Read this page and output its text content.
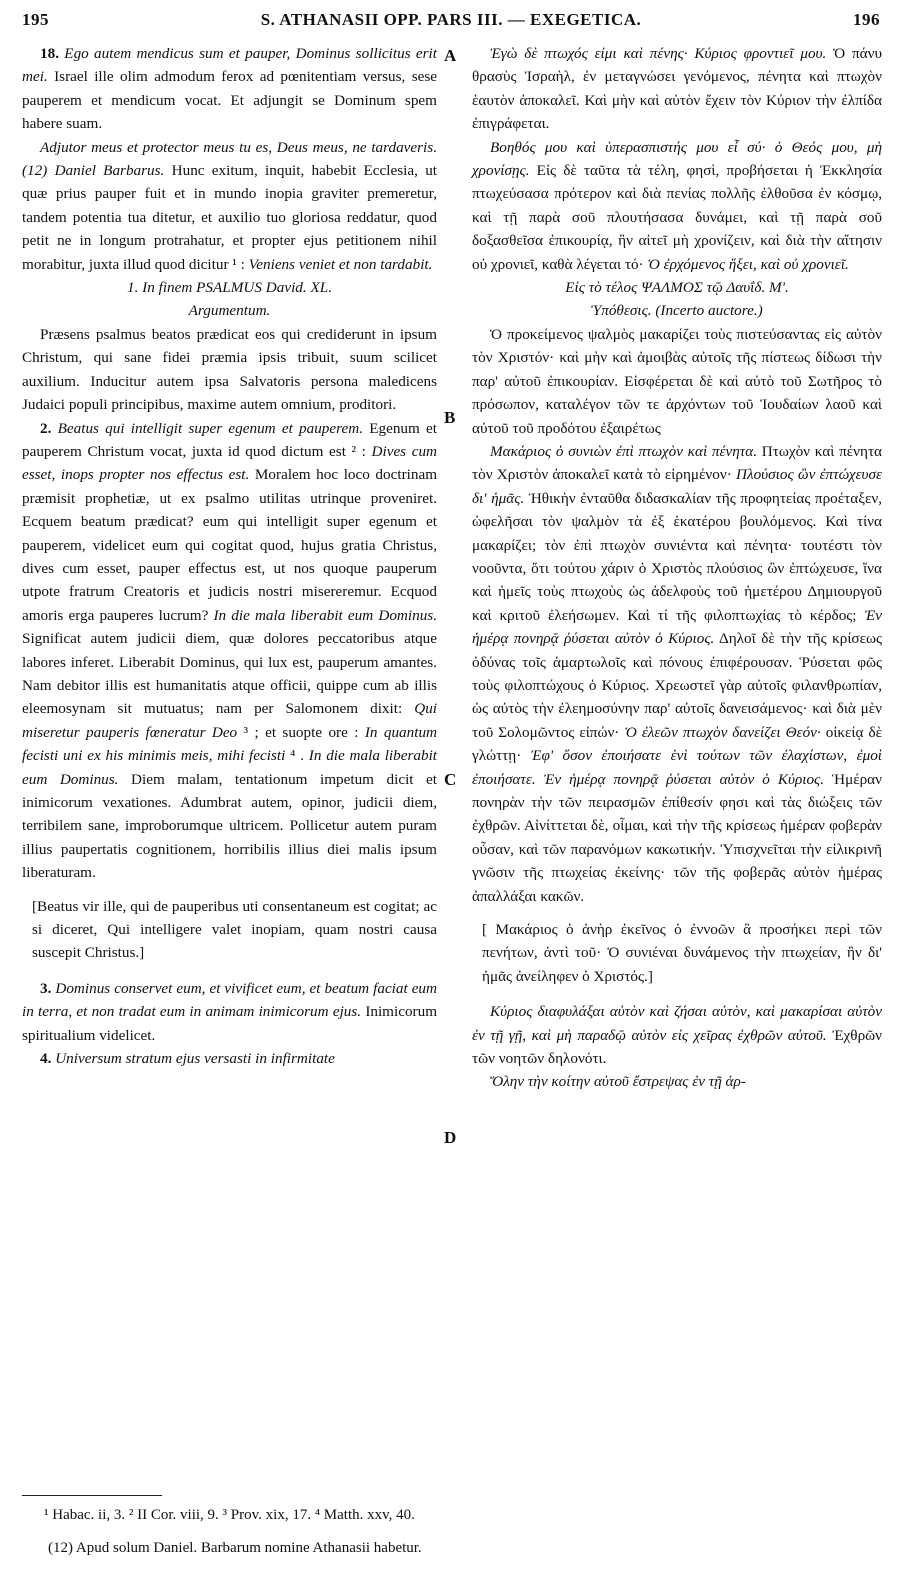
195	S. ATHANASII OPP. PARS III. — EXEGETICA.	196
A
B
C
D

18. Ego autem mendicus sum et pauper, Dominus sollicitus erit mei. Israel ille olim admodum ferox ad pœnitentiam versus, sese pauperem et mendicum vocat. Et adjungit se Dominum spem habere suam.

Adjutor meus et protector meus tu es, Deus meus, ne tardaveris. (12) Daniel Barbarus. Hunc exitum, inquit, habebit Ecclesia, ut quæ prius pauper fuit et in mundo inopia graviter premeretur, tandem potentia tua ditetur, et auxilio tuo gloriosa reddatur, quod petit ne in longum protrahatur, et propter ejus petitionem nihil morabitur, juxta illud quod dicitur ¹ : Veniens veniet et non tardabit.

1. In finem PSALMUS David. XL.

Argumentum.

Præsens psalmus beatos prædicat eos qui crediderunt in ipsum Christum, qui sane fidei præmia ipsis tribuit, suum scilicet auxilium. Inducitur autem ipsa Salvatoris persona maledicens Judaici populi principibus, maxime autem omnium, proditori.

2. Beatus qui intelligit super egenum et pauperem. Egenum et pauperem Christum vocat, juxta id quod dictum est ² : Dives cum esset, inops propter nos effectus est. Moralem hoc loco doctrinam præmisit prophetiæ, ut ex psalmo utilitas utrinque proveniret. Ecquem beatum prædicat? eum qui intelligit super egenum et pauperem, videlicet eum qui cogitat quod, hujus gratia Christus, dives cum esset, pauper effectus est, ut nos quoque pauperum utpote fratrum Creatoris et judicis nostri misereremur. Ecquod amoris erga pauperes lucrum? In die mala liberabit eum Dominus. Significat autem judicii diem, quæ dolores peccatoribus atque labores inferet. Liberabit Dominus, qui lux est, pauperum amantes. Nam debitor illis est humanitatis atque officii, quippe cum ab illis eleemosynam sit mutuatus; nam per Salomonem dixit: Qui miseretur pauperis fœneratur Deo ³ ; et suopte ore : In quantum fecisti uni ex his minimis meis, mihi fecisti ⁴ . In die mala liberabit eum Dominus. Diem malam, tentationum impetum dicit et inimicorum vexationes. Adumbrat autem, opinor, judicii diem, terribilem sane, improborumque ultricem. Pollicetur autem puram illius paupertatis cognitionem, horribilis illius diei malis ipsum liberaturam.

[Beatus vir ille, qui de pauperibus uti consentaneum est cogitat; ac si diceret, Qui intelligere valet inopiam, quam nostri causa suscepit Christus.]

3. Dominus conservet eum, et vivificet eum, et beatum faciat eum in terra, et non tradat eum in animam inimicorum ejus. Inimicorum spiritualium videlicet.

4. Universum stratum ejus versasti in infirmitate

Ἐγὼ δὲ πτωχός εἰμι καὶ πένης· Κύριος φροντιεῖ μου. Ὁ πάνυ θρασὺς Ἰσραὴλ, ἐν μεταγνώσει γενόμενος, πένητα καὶ πτωχὸν ἑαυτὸν ἀποκαλεῖ. Καὶ μὴν καὶ αὐτὸν ἔχειν τὸν Κύριον τὴν ἐλπίδα ἐπιγράφεται.

Βοηθός μου καὶ ὑπερασπιστής μου εἶ σύ· ὁ Θεός μου, μὴ χρονίσῃς. Εἰς δὲ ταῦτα τὰ τέλη, φησὶ, προβήσεται ἡ Ἐκκλησία πτωχεύσασα πρότερον καὶ διὰ πενίας πολλῆς ἐλθοῦσα ἐν κόσμῳ, καὶ τῇ παρὰ σοῦ πλουτήσασα δυνάμει, καὶ τῇ παρὰ σοῦ δοξασθεῖσα ἐπικουρίᾳ, ἣν αἰτεῖ μὴ χρονίζειν, καὶ διὰ τὴν αἴτησιν οὐ χρονιεῖ, καθὰ λέγεται τό· Ὁ ἐρχόμενος ἥξει, καὶ οὐ χρονιεῖ.

Εἰς τὸ τέλος ΨΑΛΜΟΣ τῷ Δαυΐδ. Μ'.

Ὑπόθεσις. (Incerto auctore.)

Ὁ προκείμενος ψαλμὸς μακαρίζει τοὺς πιστεύσαντας εἰς αὐτὸν τὸν Χριστόν· καὶ μὴν καὶ ἀμοιβὰς αὐτοῖς τῆς πίστεως δίδωσι τὴν παρ' αὐτοῦ ἐπικουρίαν. Εἰσφέρεται δὲ καὶ αὐτὸ τοῦ Σωτῆρος τὸ πρόσωπον, καταλέγον τῶν τε ἀρχόντων τοῦ Ἰουδαίων λαοῦ καὶ αὐτοῦ τοῦ προδότου ἐξαιρέτως

Μακάριος ὁ συνιὼν ἐπὶ πτωχὸν καὶ πένητα. Πτωχὸν καὶ πένητα τὸν Χριστὸν ἀποκαλεῖ κατὰ τὸ εἰρημένον· Πλούσιος ὢν ἐπτώχευσε δι' ἡμᾶς. Ἠθικὴν ἐνταῦθα διδασκαλίαν τῆς προφητείας προέταξεν, ὠφελῆσαι τὸν ψαλμὸν τὰ ἐξ ἑκατέρου βουλόμενος. Καὶ τίνα μακαρίζει; τὸν ἐπὶ πτωχὸν συνιέντα καὶ πένητα· τουτέστι τὸν νοοῦντα, ὅτι τούτου χάριν ὁ Χριστὸς πλούσιος ὢν ἐπτώχευσε, ἵνα καὶ ἡμεῖς τοὺς πτωχοὺς ὡς ἀδελφοὺς τοῦ ἡμετέρου Δημιουργοῦ καὶ κριτοῦ ἐλεήσωμεν. Καὶ τί τῆς φιλοπτωχίας τὸ κέρδος; Ἐν ἡμέρᾳ πονηρᾷ ῥύσεται αὐτὸν ὁ Κύριος. Δηλοῖ δὲ τὴν τῆς κρίσεως ὀδύνας τοῖς ἁμαρτωλοῖς καὶ πόνους ἐπιφέρουσαν. Ῥύσεται φῶς τοὺς φιλοπτώχους ὁ Κύριος. Χρεωστεῖ γὰρ αὐτοῖς φιλανθρωπίαν, ὡς αὐτὸς τὴν ἐλεημοσύνην παρ' αὐτοῖς δανεισάμενος· καὶ διὰ μὲν τοῦ Σολομῶντος εἰπών· Ὁ ἐλεῶν πτωχὸν δανείζει Θεόν· οἰκείᾳ δὲ γλώττῃ· Ἐφ' ὅσον ἐποιήσατε ἑνὶ τούτων τῶν ἐλαχίστων, ἐμοὶ ἐποιήσατε. Ἐν ἡμέρᾳ πονηρᾷ ῥύσεται αὐτὸν ὁ Κύριος. Ἡμέραν πονηρὰν τὴν τῶν πειρασμῶν ἐπίθεσίν φησι καὶ τὰς διώξεις τῶν ἐχθρῶν. Αἰνίττεται δὲ, οἶμαι, καὶ τὴν τῆς κρίσεως ἡμέραν φοβερὰν οὖσαν, καὶ τῶν παρανόμων κακωτικήν. Ὑπισχνεῖται τὴν εἰλικρινῆ γνῶσιν τῆς πτωχείας ἐκείνης· τῶν τῆς φοβερᾶς αὐτὸν ἡμέρας ἀπαλλάξαι κακῶν.

[ Μακάριος ὁ ἀνὴρ ἐκεῖνος ὁ ἐννοῶν ἃ προσήκει περὶ τῶν πενήτων, ἀντὶ τοῦ· Ὁ συνιέναι δυνάμενος τὴν πτωχείαν, ἣν δι' ἡμᾶς ἀνείληφεν ὁ Χριστός.]

Κύριος διαφυλάξαι αὐτὸν καὶ ζήσαι αὐτὸν, καὶ μακαρίσαι αὐτὸν ἐν τῇ γῇ, καὶ μὴ παραδῷ αὐτὸν εἰς χεῖρας ἐχθρῶν αὐτοῦ. Ἐχθρῶν τῶν νοητῶν δηλονότι.

Ὅλην τὴν κοίτην αὐτοῦ ἔστρεψας ἐν τῇ ἀρ-

¹ Habac. ii, 3. ² II Cor. viii, 9. ³ Prov. xix, 17. ⁴ Matth. xxv, 40.
(12) Apud solum Daniel. Barbarum nomine Athanasii habetur.
